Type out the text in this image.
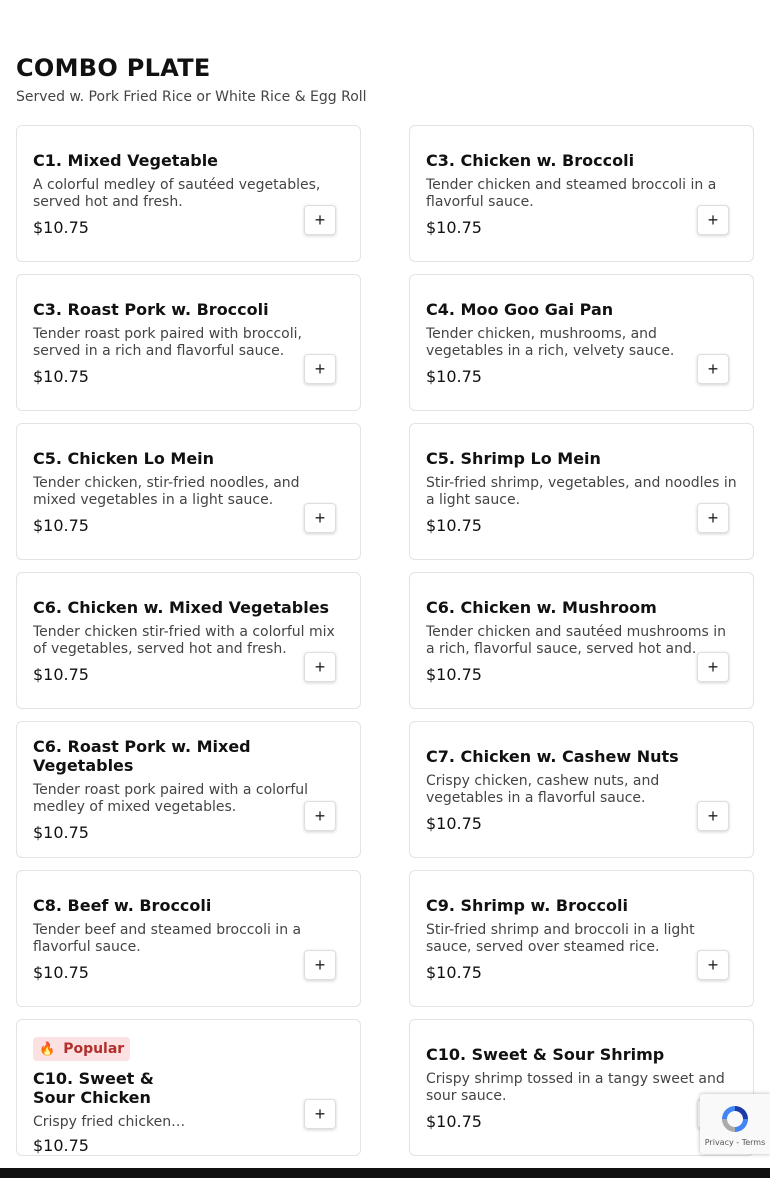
COMBO PLATE

Served w. Pork Fried Rice or White Rice & Egg Roll

C1. Mixed Vegetable
A colorful medley of sautéed vegetables, served hot and fresh.
$10.75	+
C3. Chicken w. Broccoli
Tender chicken and steamed broccoli in a flavorful sauce.
$10.75	+
C3. Roast Pork w. Broccoli
Tender roast pork paired with broccoli, served in a rich and flavorful sauce.
$10.75	+
C4. Moo Goo Gai Pan
Tender chicken, mushrooms, and vegetables in a rich, velvety sauce.
$10.75	+
C5. Chicken Lo Mein
Tender chicken, stir-fried noodles, and mixed vegetables in a light sauce.
$10.75	+
C5. Shrimp Lo Mein
Stir-fried shrimp, vegetables, and noodles in a light sauce.
$10.75	+
C6. Chicken w. Mixed Vegetables
Tender chicken stir-fried with a colorful mix of vegetables, served hot and fresh.
$10.75	+
C6. Chicken w. Mushroom
Tender chicken and sautéed mushrooms in a rich, flavorful sauce, served hot and.
$10.75	+
C6. Roast Pork w. Mixed Vegetables
Tender roast pork paired with a colorful medley of mixed vegetables.
$10.75
+
C7. Chicken w. Cashew Nuts
Crispy chicken, cashew nuts, and vegetables in a flavorful sauce.
$10.75	+
C8. Beef w. Broccoli
Tender beef and steamed broccoli in a flavorful sauce.
$10.75	+
C9. Shrimp w. Broccoli
Stir-fried shrimp and broccoli in a light sauce, served over steamed rice.
$10.75	+
🔥 Popular
C10. Sweet & Sour Chicken
Crispy fried chicken…
$10.75
+
C10. Sweet & Sour Shrimp
Crispy shrimp tossed in a tangy sweet and sour sauce.
$10.75
Privacy - Terms
